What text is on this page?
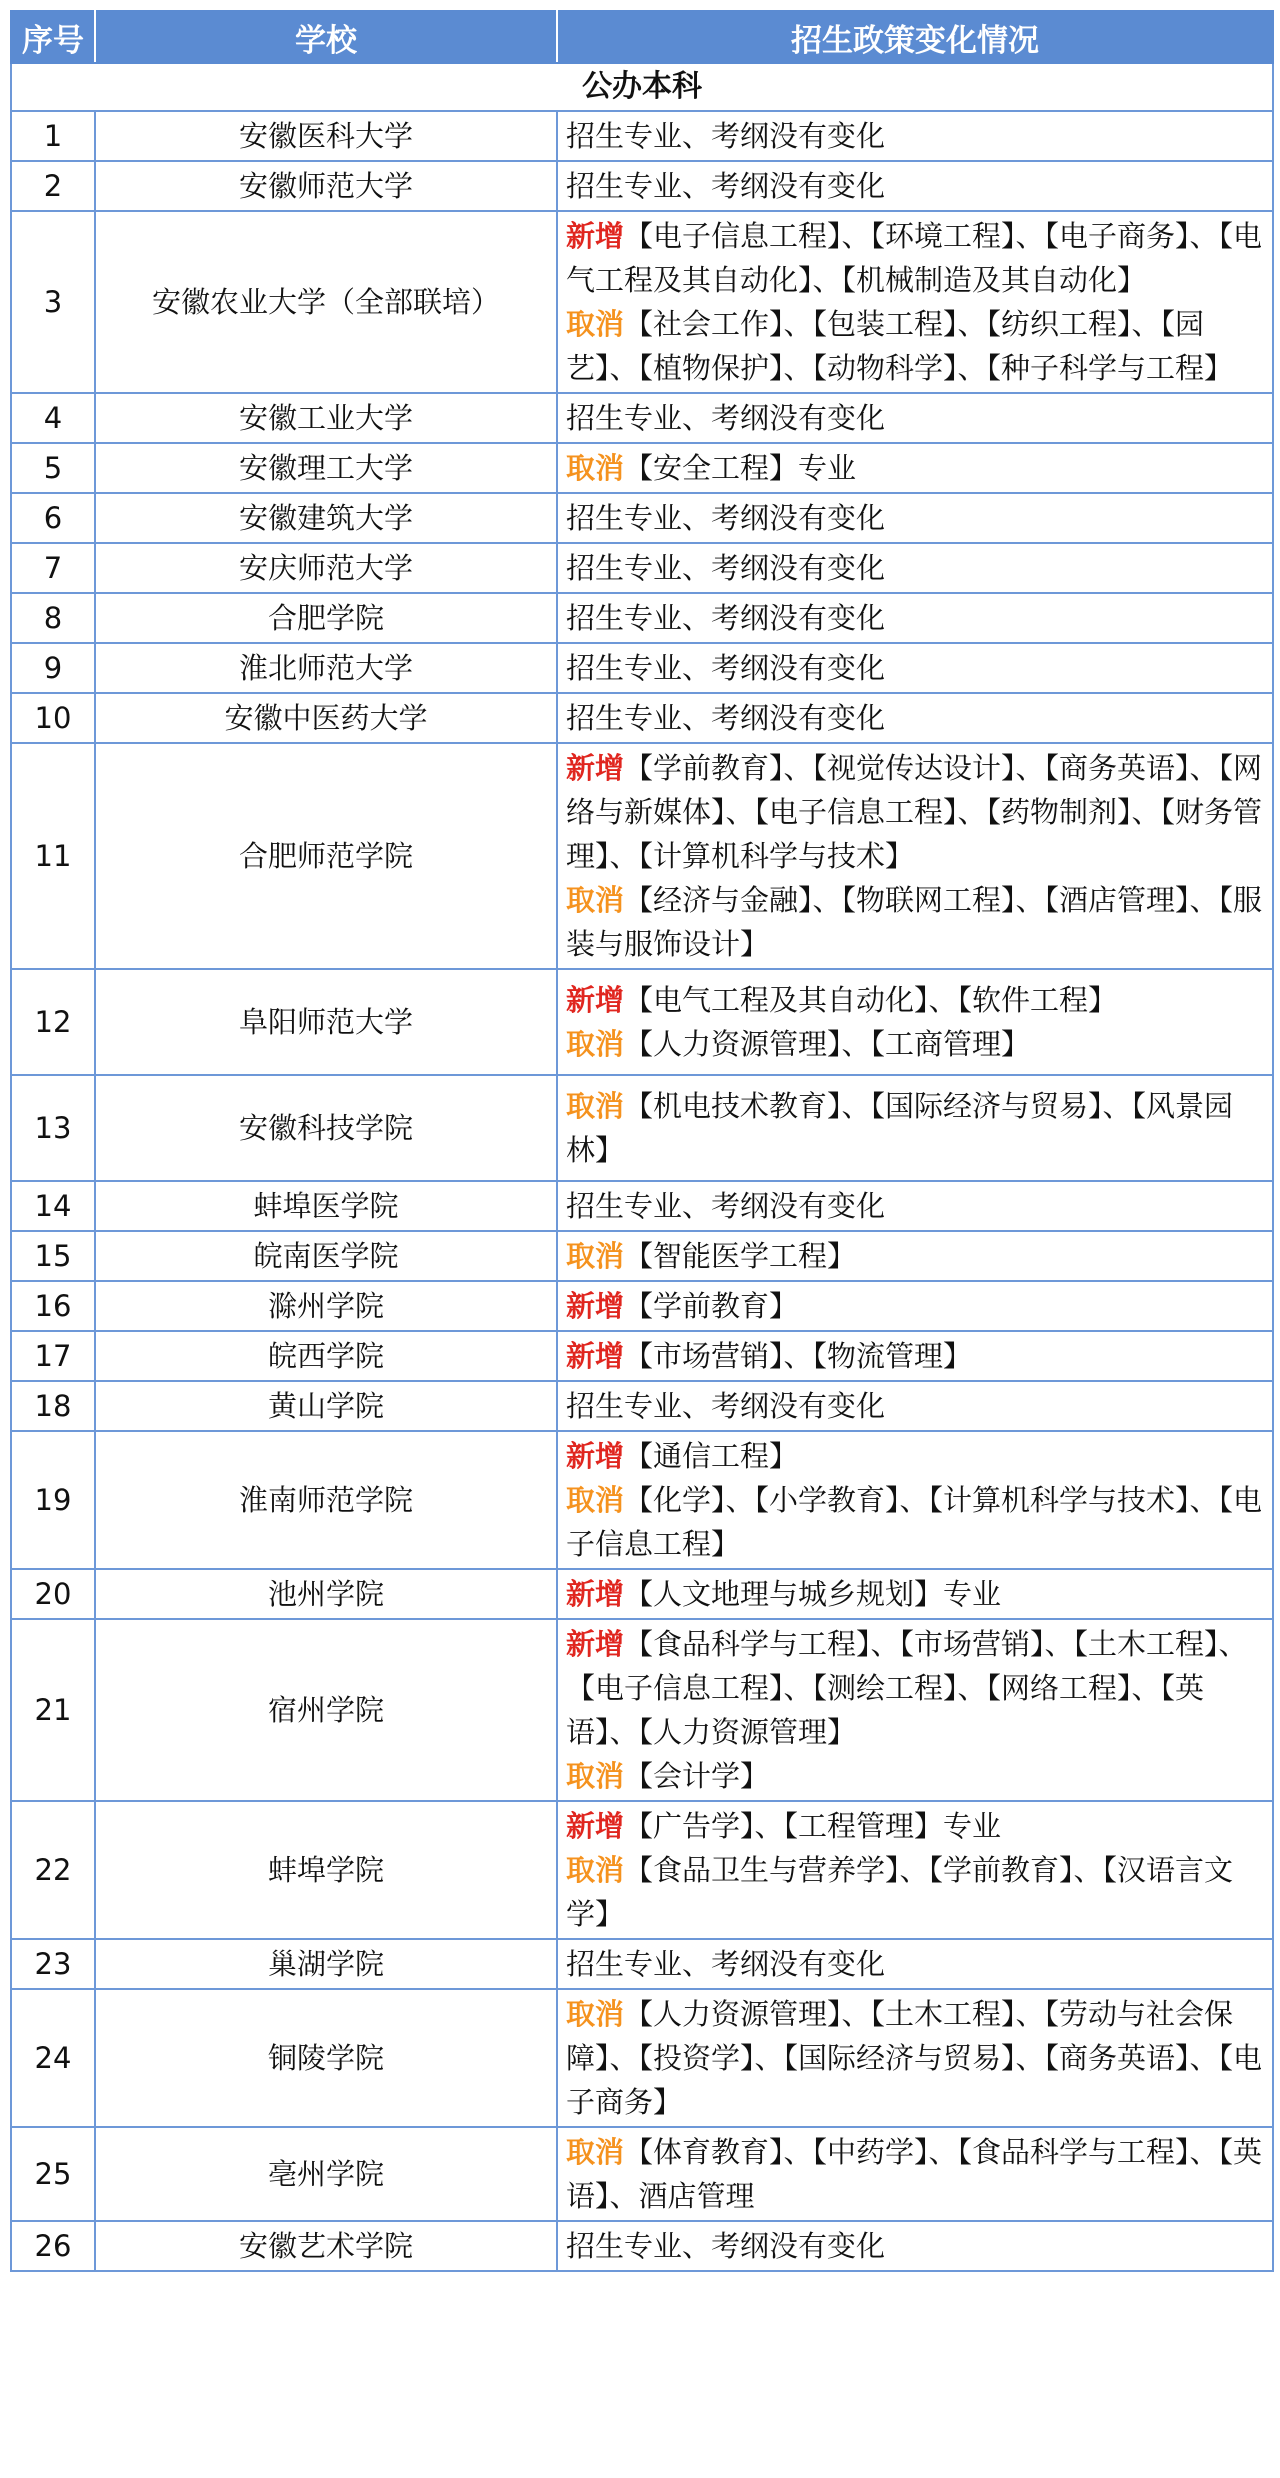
序号	学校	招生政策变化情况
公办本科		
1	安徽医科大学	招生专业、考纲没有变化
2	安徽师范大学	招生专业、考纲没有变化
3	安徽农业大学（全部联培）	新增【电子信息工程】、【环境工程】、【电子商务】、【电气工程及其自动化】、【机械制造及其自动化】
取消【社会工作】、【包装工程】、【纺织工程】、【园艺】、【植物保护】、【动物科学】、【种子科学与工程】

4	安徽工业大学	招生专业、考纲没有变化
5	安徽理工大学	取消【安全工程】专业

6	安徽建筑大学	招生专业、考纲没有变化
7	安庆师范大学	招生专业、考纲没有变化
8	合肥学院	招生专业、考纲没有变化
9	淮北师范大学	招生专业、考纲没有变化
10	安徽中医药大学	招生专业、考纲没有变化
11	合肥师范学院	新增【学前教育】、【视觉传达设计】、【商务英语】、【网络与新媒体】、【电子信息工程】、【药物制剂】、【财务管理】、【计算机科学与技术】
取消【经济与金融】、【物联网工程】、【酒店管理】、【服装与服饰设计】

12	阜阳师范大学	新增【电气工程及其自动化】、【软件工程】
取消【人力资源管理】、【工商管理】

13	安徽科技学院	取消【机电技术教育】、【国际经济与贸易】、【风景园林】

14	蚌埠医学院	招生专业、考纲没有变化
15	皖南医学院	取消【智能医学工程】

16	滁州学院	新增【学前教育】

17	皖西学院	新增【市场营销】、【物流管理】

18	黄山学院	招生专业、考纲没有变化
19	淮南师范学院	新增【通信工程】
取消【化学】、【小学教育】、【计算机科学与技术】、【电子信息工程】

20	池州学院	新增【人文地理与城乡规划】专业

21	宿州学院	新增【食品科学与工程】、【市场营销】、【土木工程】、【电子信息工程】、【测绘工程】、【网络工程】、【英语】、【人力资源管理】
取消【会计学】

22	蚌埠学院	新增【广告学】、【工程管理】专业
取消【食品卫生与营养学】、【学前教育】、【汉语言文学】

23	巢湖学院	招生专业、考纲没有变化
24	铜陵学院	取消【人力资源管理】、【土木工程】、【劳动与社会保障】、【投资学】、【国际经济与贸易】、【商务英语】、【电子商务】

25	亳州学院	取消【体育教育】、【中药学】、【食品科学与工程】、【英语】、酒店管理

26	安徽艺术学院	招生专业、考纲没有变化
